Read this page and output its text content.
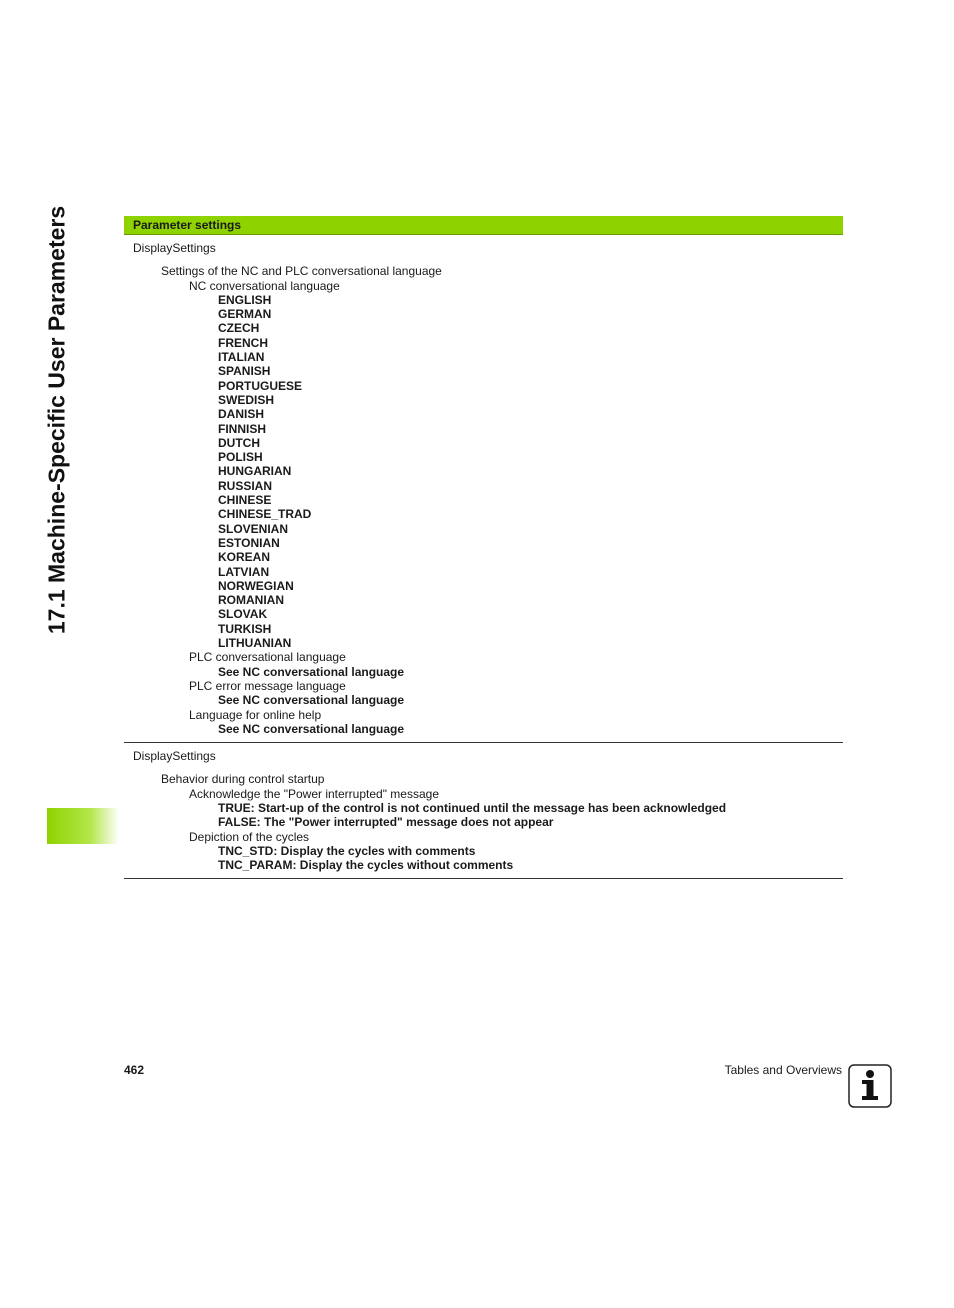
17.1 Machine-Specific User Parameters	Parameter settings
DisplaySettings
Settings of the NC and PLC conversational language
NC conversational language
ENGLISH
GERMAN
CZECH
FRENCH
ITALIAN
SPANISH
PORTUGUESE
SWEDISH
DANISH
FINNISH
DUTCH
POLISH
HUNGARIAN
RUSSIAN
CHINESE
CHINESE_TRAD
SLOVENIAN
ESTONIAN
KOREAN
LATVIAN
NORWEGIAN
ROMANIAN
SLOVAK
TURKISH
LITHUANIAN
PLC conversational language
See NC conversational language
PLC error message language
See NC conversational language
Language for online help
See NC conversational language
DisplaySettings
Behavior during control startup
Acknowledge the "Power interrupted" message
TRUE: Start-up of the control is not continued until the message has been acknowledged
FALSE: The "Power interrupted" message does not appear
Depiction of the cycles
TNC_STD: Display the cycles with comments
TNC_PARAM: Display the cycles without comments
462	Tables and Overviews
